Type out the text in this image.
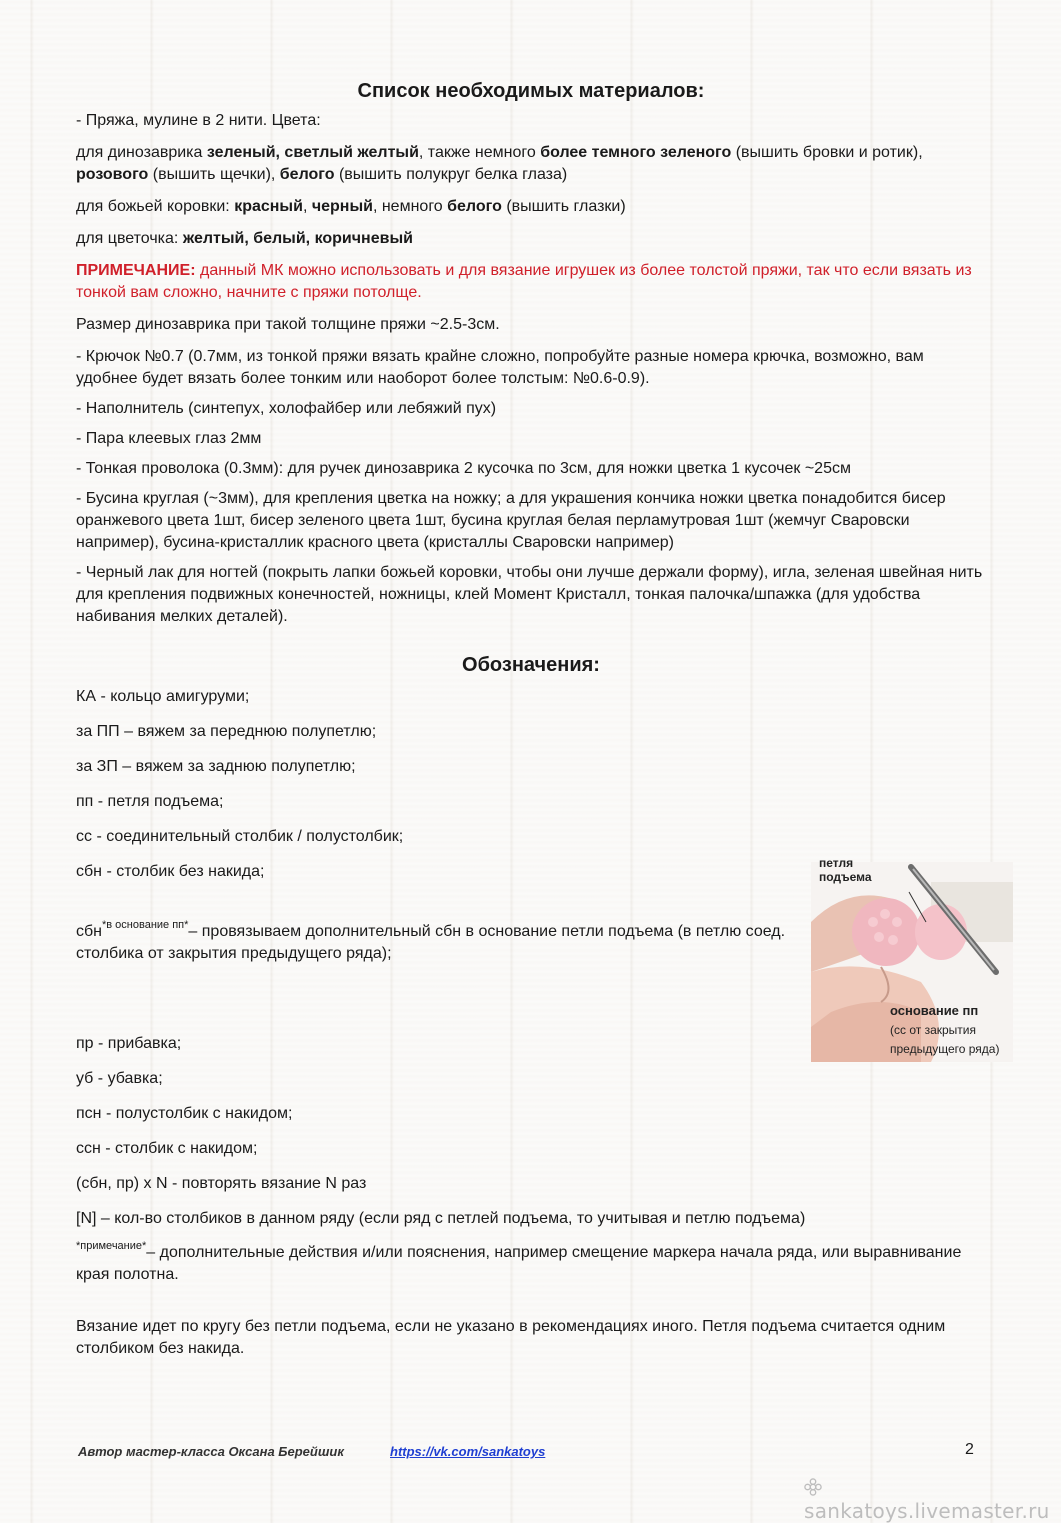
Список необходимых материалов:

- Пряжа, мулине в 2 нити. Цвета:

для динозаврика зеленый, светлый желтый, также немного более темного зеленого (вышить бровки и ротик), розового (вышить щечки), белого (вышить полукруг белка глаза)

для божьей коровки: красный, черный, немного белого (вышить глазки)

для цветочка: желтый, белый, коричневый

ПРИМЕЧАНИЕ: данный МК можно использовать и для вязание игрушек из более толстой пряжи, так что если вязать из тонкой вам сложно, начните с пряжи потолще.

Размер динозаврика при такой толщине пряжи ~2.5-3см.

- Крючок №0.7 (0.7мм, из тонкой пряжи вязать крайне сложно, попробуйте разные номера крючка, возможно, вам удобнее будет вязать более тонким или наоборот более толстым: №0.6-0.9).

- Наполнитель (синтепух, холофайбер или лебяжий пух)

- Пара клеевых глаз 2мм

- Тонкая проволока (0.3мм): для ручек динозаврика 2 кусочка по 3см, для ножки цветка 1 кусочек ~25см

- Бусина круглая (~3мм), для крепления цветка на ножку; а для украшения кончика ножки цветка понадобится бисер оранжевого цвета 1шт, бисер зеленого цвета 1шт, бусина круглая белая перламутровая 1шт (жемчуг Сваровски например), бусина-кристаллик красного цвета (кристаллы Сваровски например)

- Черный лак для ногтей (покрыть лапки божьей коровки, чтобы они лучше держали форму), игла, зеленая швейная нить для крепления подвижных конечностей, ножницы, клей Момент Кристалл, тонкая палочка/шпажка (для удобства набивания мелких деталей).

Обозначения:

КА - кольцо амигуруми;

за ПП – вяжем за переднюю полупетлю;

за ЗП – вяжем за заднюю полупетлю;

пп - петля подъема;

сс - соединительный столбик / полустолбик;

сбн - столбик без накида;

сбн$^{*в основание пп*}$– провязываем дополнительный сбн в основание петли подъема (в петлю соед. столбика от закрытия предыдущего ряда);

пр - прибавка;

уб - убавка;

псн - полустолбик с накидом;

ссн - столбик с накидом;

(сбн, пр) x N - повторять вязание N раз

[N] – кол-во столбиков в данном ряду (если ряд с петлей подъема, то учитывая и петлю подъема)

$^{*примечание*}$– дополнительные действия и/или пояснения, например смещение маркера начала ряда, или выравнивание края полотна.

Вязание идет по кругу без петли подъема, если не указано в рекомендациях иного. Петля подъема считается одним столбиком без накида.

петля
подъема
основание пп
(сс от закрытия
предыдущего ряда)
Автор мастер-класса Оксана Берейшик	https://vk.com/sankatoys	2
sankatoys.livemaster.ru
